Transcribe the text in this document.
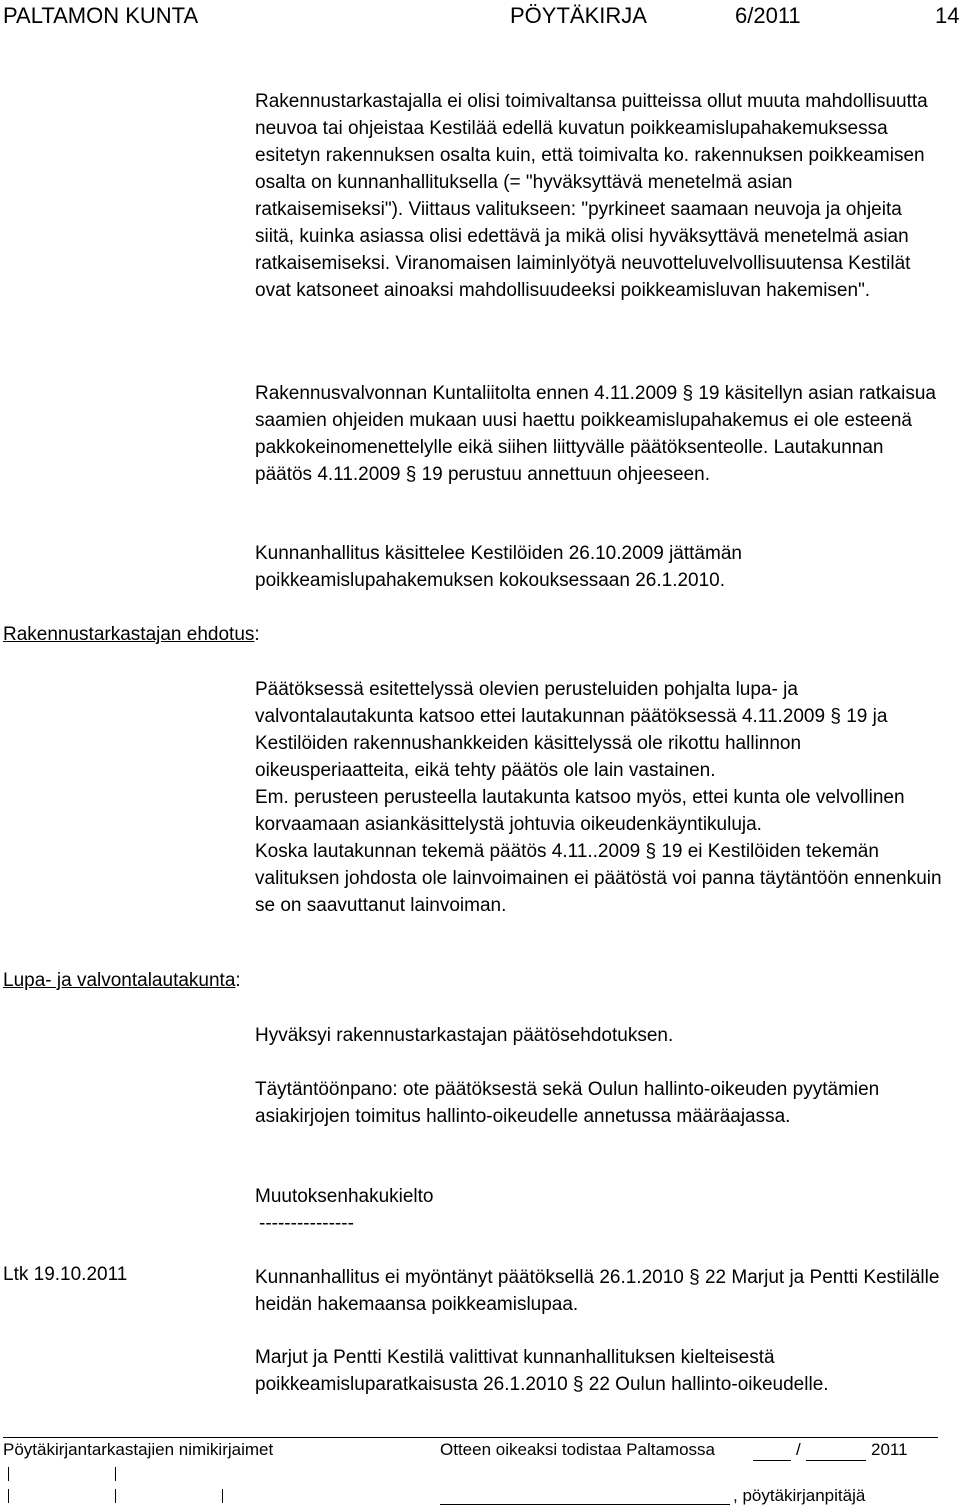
PALTAMON KUNTA	PÖYTÄKIRJA	6/2011	14

Rakennustarkastajalla ei olisi toimivaltansa puitteissa ollut muuta mahdollisuutta neuvoa tai ohjeistaa Kestilää edellä kuvatun poikkeamislupahakemuksessa esitetyn rakennuksen osalta kuin, että toimivalta ko. rakennuksen poikkeamisen osalta on kunnanhallituksella (= "hyväksyttävä menetelmä asian ratkaisemiseksi"). Viittaus valitukseen: "pyrkineet saamaan neuvoja ja ohjeita siitä, kuinka asiassa olisi edettävä ja mikä olisi hyväksyttävä menetelmä asian ratkaisemiseksi. Viranomaisen laiminlyötyä neuvotteluvelvollisuutensa Kestilät ovat katsoneet ainoaksi mahdollisuudeeksi poikkeamisluvan hakemisen".

Rakennusvalvonnan Kuntaliitolta ennen 4.11.2009 § 19 käsitellyn asian ratkaisua saamien ohjeiden mukaan uusi haettu poikkeamislupahakemus ei ole esteenä pakkokeinomenettelylle eikä siihen liittyvälle päätöksenteolle. Lautakunnan päätös 4.11.2009 § 19 perustuu annettuun ohjeeseen.

Kunnanhallitus käsittelee Kestilöiden 26.10.2009 jättämän poikkeamislupahakemuksen kokouksessaan 26.1.2010.

Rakennustarkastajan ehdotus:

Päätöksessä esitettelyssä olevien perusteluiden pohjalta lupa- ja valvontalautakunta katsoo ettei lautakunnan päätöksessä 4.11.2009 § 19 ja Kestilöiden rakennushankkeiden käsittelyssä ole rikottu hallinnon oikeusperiaatteita, eikä tehty päätös ole lain vastainen.

Em. perusteen perusteella lautakunta katsoo myös, ettei kunta ole velvollinen korvaamaan asiankäsittelystä johtuvia oikeudenkäyntikuluja.

Koska lautakunnan tekemä päätös 4.11..2009 § 19 ei Kestilöiden tekemän valituksen johdosta ole lainvoimainen ei päätöstä voi panna täytäntöön ennenkuin se on saavuttanut lainvoiman.

Lupa- ja valvontalautakunta:

Hyväksyi rakennustarkastajan päätösehdotuksen.

Täytäntöönpano: ote päätöksestä sekä Oulun hallinto-oikeuden pyytämien asiakirjojen toimitus hallinto-oikeudelle annetussa määräajassa.

Muutoksenhakukielto

---------------

Ltk 19.10.2011	Kunnanhallitus ei myöntänyt päätöksellä 26.1.2010 § 22 Marjut ja Pentti Kestilälle heidän hakemaansa poikkeamislupaa.

Marjut ja Pentti Kestilä valittivat kunnanhallituksen kielteisestä poikkeamisluparatkaisusta 26.1.2010 § 22 Oulun hallinto-oikeudelle.

Pöytäkirjantarkastajien nimikirjaimet	Otteen oikeaksi todistaa Paltamossa	/	2011
, pöytäkirjanpitäjä
